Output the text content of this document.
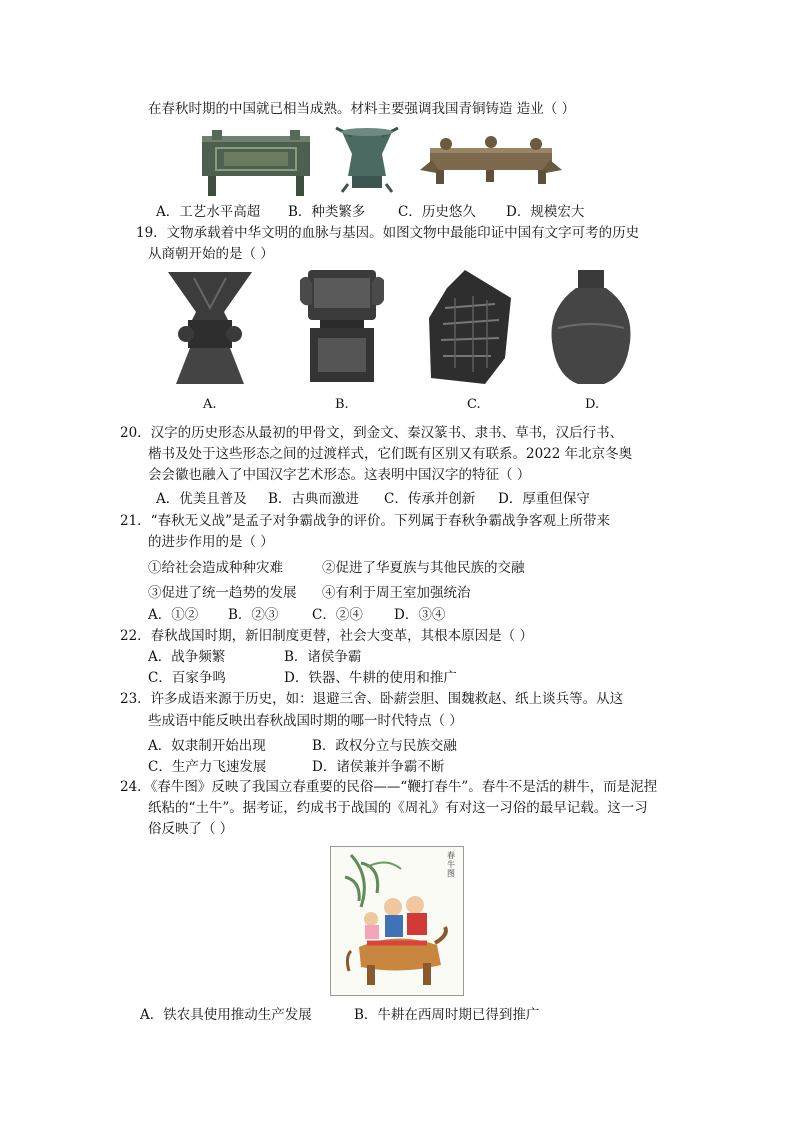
在春秋时期的中国就已相当成熟。材料主要强调我国青铜铸造 造业（ ）
A．工艺水平高超 B．种类繁多 C．历史悠久 D．规模宏大
19．文物承载着中华文明的血脉与基因。如图文物中最能印证中国有文字可考的历史
从商朝开始的是（ ）
A.	B.	C.	D.
20．汉字的历史形态从最初的甲骨文，到金文、秦汉篆书、隶书、草书，汉后行书、
楷书及处于这些形态之间的过渡样式，它们既有区别又有联系。2022 年北京冬奥
会会徽也融入了中国汉字艺术形态。这表明中国汉字的特征（ ）
A．优美且普及 B．古典而激进 C．传承并创新 D．厚重但保守
21．“春秋无义战”是孟子对争霸战争的评价。下列属于春秋争霸战争客观上所带来
的进步作用的是（ ）
①给社会造成种种灾难	②促进了华夏族与其他民族的交融
③促进了统一趋势的发展 ④有利于周王室加强统治
A．①② B．②③ C．②④ D．③④
22．春秋战国时期，新旧制度更替，社会大变革，其根本原因是（ ）
A．战争频繁	B．诸侯争霸
C．百家争鸣	D．铁器、牛耕的使用和推广
23．许多成语来源于历史，如：退避三舍、卧薪尝胆、围魏救赵、纸上谈兵等。从这
些成语中能反映出春秋战国时期的哪一时代特点（ ）
A．奴隶制开始出现	B．政权分立与民族交融
C．生产力飞速发展	D．诸侯兼并争霸不断
24．《春牛图》反映了我国立春重要的民俗——“鞭打春牛”。春牛不是活的耕牛，而是泥捏
纸粘的“土牛”。据考证，约成书于战国的《周礼》有对这一习俗的最早记载。这一习
俗反映了（ ）
春牛图
A．铁农具使用推动生产发展	B．牛耕在西周时期已得到推广
